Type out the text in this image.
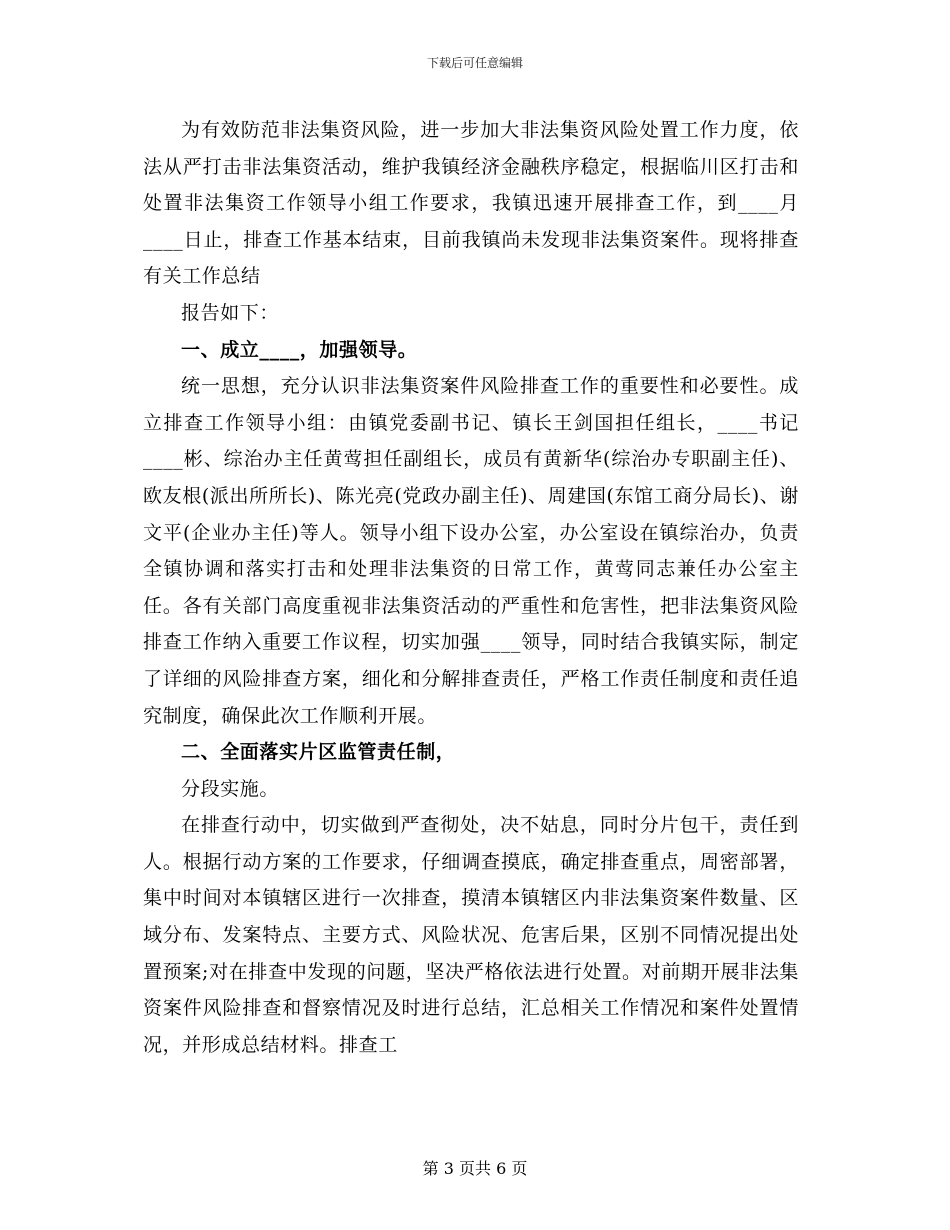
下载后可任意编辑

为有效防范非法集资风险，进一步加大非法集资风险处置工作力度，依法从严打击非法集资活动，维护我镇经济金融秩序稳定，根据临川区打击和处置非法集资工作领导小组工作要求，我镇迅速开展排查工作，到____月____日止，排查工作基本结束，目前我镇尚未发现非法集资案件。现将排查有关工作总结

报告如下：

一、成立____，加强领导。

统一思想，充分认识非法集资案件风险排查工作的重要性和必要性。成立排查工作领导小组：由镇党委副书记、镇长王剑国担任组长，____书记____彬、综治办主任黄莺担任副组长，成员有黄新华(综治办专职副主任)、欧友根(派出所所长)、陈光亮(党政办副主任)、周建国(东馆工商分局长)、谢文平(企业办主任)等人。领导小组下设办公室，办公室设在镇综治办，负责全镇协调和落实打击和处理非法集资的日常工作，黄莺同志兼任办公室主任。各有关部门高度重视非法集资活动的严重性和危害性，把非法集资风险排查工作纳入重要工作议程，切实加强____领导，同时结合我镇实际，制定了详细的风险排查方案，细化和分解排查责任，严格工作责任制度和责任追究制度，确保此次工作顺利开展。

二、全面落实片区监管责任制，

分段实施。

在排查行动中，切实做到严查彻处，决不姑息，同时分片包干，责任到人。根据行动方案的工作要求，仔细调查摸底，确定排查重点，周密部署，集中时间对本镇辖区进行一次排查，摸清本镇辖区内非法集资案件数量、区域分布、发案特点、主要方式、风险状况、危害后果，区别不同情况提出处置预案;对在排查中发现的问题，坚决严格依法进行处置。对前期开展非法集资案件风险排查和督察情况及时进行总结，汇总相关工作情况和案件处置情况，并形成总结材料。排查工

第 3 页共 6 页
